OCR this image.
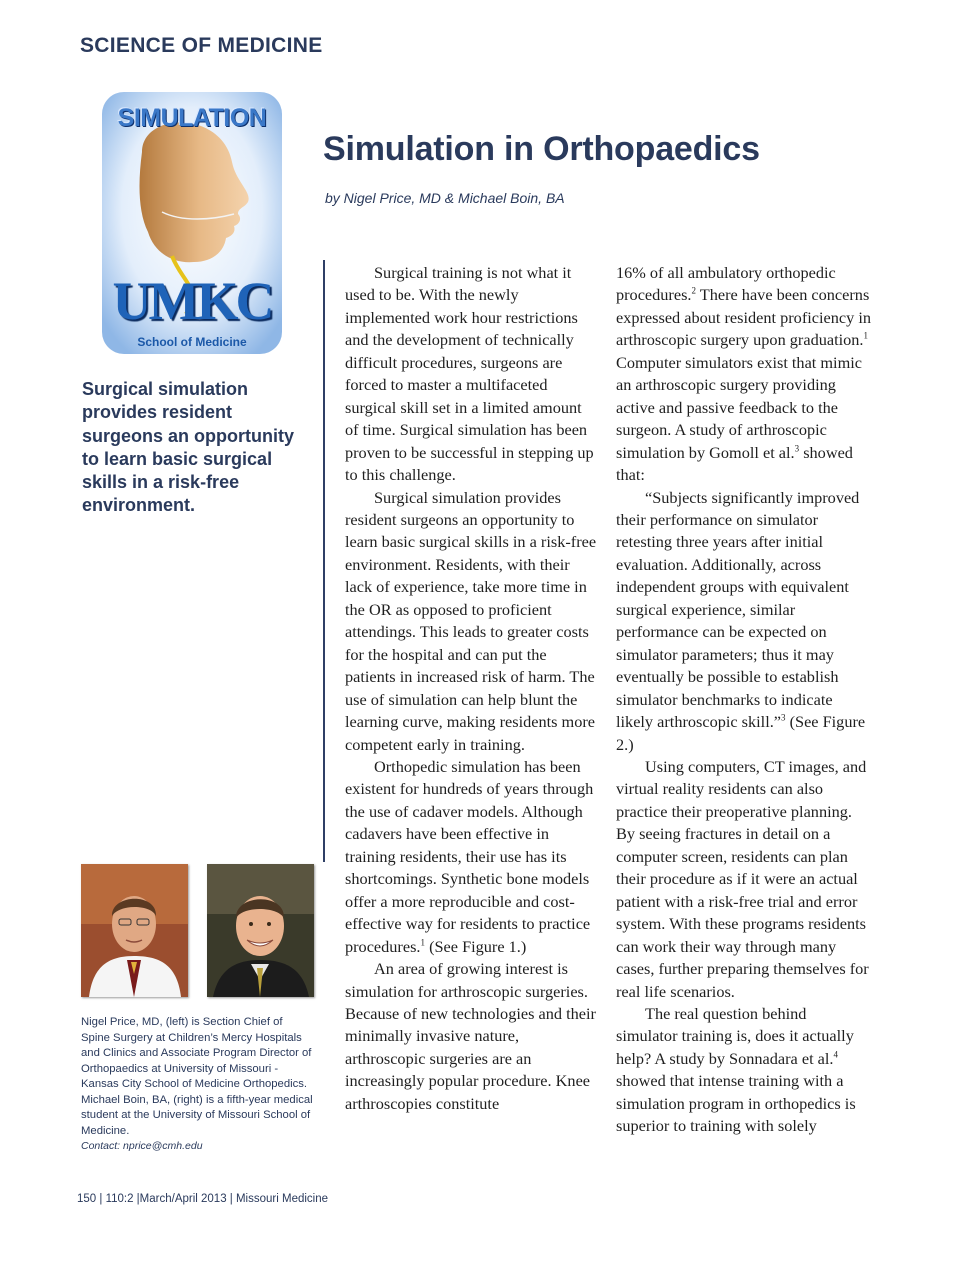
SCIENCE OF MEDICINE
SIMULATION
UMKC
School of Medicine
Surgical simulation provides resident surgeons an opportunity to learn basic surgical skills in a risk-free environment.
Simulation in Orthopaedics
by Nigel Price, MD & Michael Boin, BA

Surgical training is not what it used to be. With the newly implemented work hour restrictions and the development of technically difficult procedures, surgeons are forced to master a multifaceted surgical skill set in a limited amount of time. Surgical simulation has been proven to be successful in stepping up to this challenge.

Surgical simulation provides resident surgeons an opportunity to learn basic surgical skills in a risk-free environment. Residents, with their lack of experience, take more time in the OR as opposed to proficient attendings. This leads to greater costs for the hospital and can put the patients in increased risk of harm. The use of simulation can help blunt the learning curve, making residents more competent early in training.

Orthopedic simulation has been existent for hundreds of years through the use of cadaver models. Although cadavers have been effective in training residents, their use has its shortcomings. Synthetic bone models offer a more reproducible and cost-effective way for residents to practice procedures.$^1$ (See Figure 1.)

An area of growing interest is simulation for arthroscopic surgeries. Because of new technologies and their minimally invasive nature, arthroscopic surgeries are an increasingly popular procedure. Knee arthroscopies constitute

16% of all ambulatory orthopedic procedures.$^2$ There have been concerns expressed about resident proficiency in arthroscopic surgery upon graduation.$^1$ Computer simulators exist that mimic an arthroscopic surgery providing active and passive feedback to the surgeon. A study of arthroscopic simulation by Gomoll et al.$^3$ showed that:

“Subjects significantly improved their performance on simulator retesting three years after initial evaluation. Additionally, across independent groups with equivalent surgical experience, similar performance can be expected on simulator parameters; thus it may eventually be possible to establish simulator benchmarks to indicate likely arthroscopic skill.”$^3$ (See Figure 2.)

Using computers, CT images, and virtual reality residents can also practice their preoperative planning. By seeing fractures in detail on a computer screen, residents can plan their procedure as if it were an actual patient with a risk-free trial and error system. With these programs residents can work their way through many cases, further preparing themselves for real life scenarios.

The real question behind simulator training is, does it actually help? A study by Sonnadara et al.$^4$ showed that intense training with a simulation program in orthopedics is superior to training with solely

Nigel Price, MD, (left) is Section Chief of Spine Surgery at Children’s Mercy Hospitals and Clinics and Associate Program Director of Orthopaedics at University of Missouri - Kansas City School of Medicine Orthopedics. Michael Boin, BA, (right) is a fifth-year medical student at the University of Missouri School of Medicine.

Contact: nprice@cmh.edu

150 | 110:2 |March/April 2013 | Missouri Medicine
